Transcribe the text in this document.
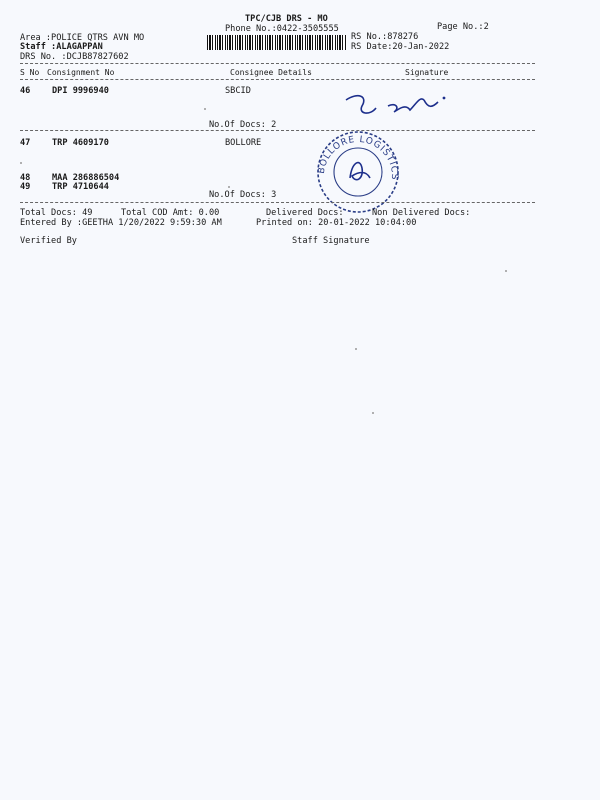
TPC/CJB DRS - MO
Phone No.:0422-3505555	Page No.:2
Area :POLICE QTRS AVN MO
Staff :ALAGAPPAN
DRS No. :DCJB87827602
RS No.:878276
RS Date:20-Jan-2022
S No Consignment No	Consignee Details	Signature
46	DPI 9996940	SBCID
No.Of Docs: 2
47	TRP 4609170	BOLLORE
48	MAA 286886504
49	TRP 4710644
No.Of Docs: 3
BOLLORE LOGISTICS
Total Docs: 49	Total COD Amt: 0.00	Delivered Docs:	Non Delivered Docs:
Entered By :GEETHA 1/20/2022 9:59:30 AM	Printed on: 20-01-2022 10:04:00
Verified By	Staff Signature
